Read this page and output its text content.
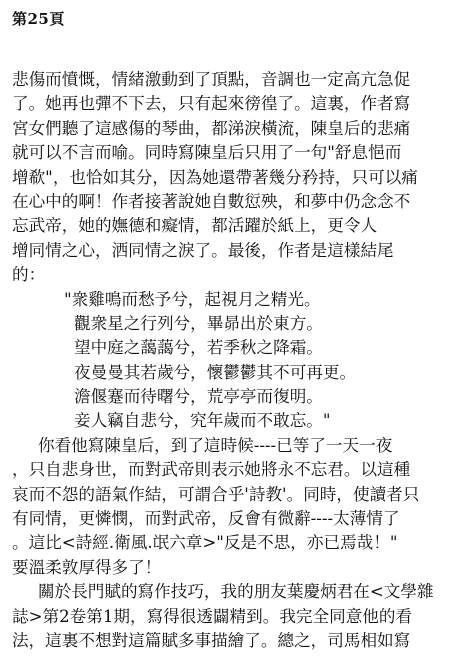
第25頁
悲傷而憤慨，情緒激動到了頂點，音調也一定高亢急促
了。她再也彈不下去，只有起來徬徨了。這裏，作者寫
宮女們聽了這感傷的琴曲，都涕淚橫流，陳皇后的悲痛
就可以不言而喻。同時寫陳皇后只用了一句"舒息悒而
增欷"，也恰如其分，因為她還帶著幾分矜持，只可以痛
在心中的啊！作者接著說她自數愆殃，和夢中仍念念不
忘武帝，她的嫵德和癡情，都活躍於紙上，更令人
增同情之心，洒同情之淚了。最後，作者是這樣結尾
的：
"衆雞鳴而愁予兮，起視月之精光。
觀衆星之行列兮，畢昴出於東方。
望中庭之藹藹兮，若季秋之降霜。
夜曼曼其若歲兮，懷鬱鬱其不可再更。
澹偃蹇而待曙兮，荒亭亭而復明。
妾人竊自悲兮，究年歲而不敢忘。"
你看他寫陳皇后，到了這時候----已等了一天一夜
，只自悲身世，而對武帝則表示她將永不忘君。以這種
哀而不怨的語氣作結，可謂合乎'詩教'。同時，使讀者只
有同情，更憐憫，而對武帝，反會有微辭----太薄情了
。這比<詩經.衛風.氓六章>"反是不思，亦已焉哉！"
要溫柔敦厚得多了！
關於長門賦的寫作技巧，我的朋友葉慶炳君在<文學雜
誌>第2卷第1期，寫得很透闢精到。我完全同意他的看
法，這裏不想對這篇賦多事描繪了。總之，司馬相如寫
